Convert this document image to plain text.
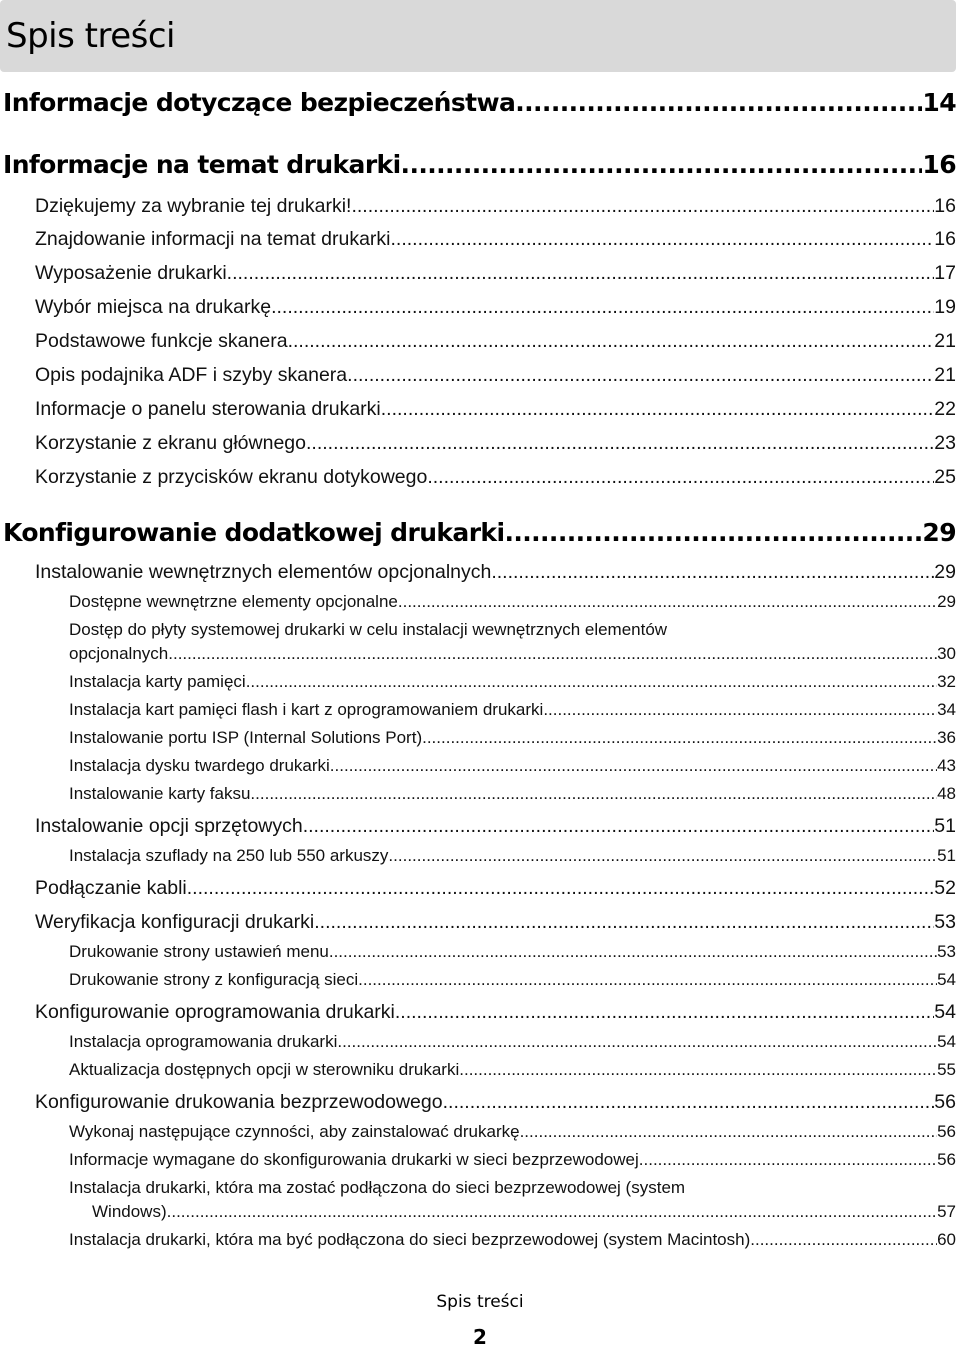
Spis treści
Informacje dotyczące bezpieczeństwa .....	14
Informacje na temat drukarki .....	16
Dziękujemy za wybranie tej drukarki!. .....	16
Znajdowanie informacji na temat drukarki .....	16
Wyposażenie drukarki .....	17
Wybór miejsca na drukarkę .....	19
Podstawowe funkcje skanera .....	21
Opis podajnika ADF i szyby skanera .....	21
Informacje o panelu sterowania drukarki .....	22
Korzystanie z ekranu głównego .....	23
Korzystanie z przycisków ekranu dotykowego .....	25
Konfigurowanie dodatkowej drukarki .....	29
Instalowanie wewnętrznych elementów opcjonalnych .....	29
Dostępne wewnętrzne elementy opcjonalne .....	29
Dostęp do płyty systemowej drukarki w celu instalacji wewnętrznych elementów
opcjonalnych .....	30
Instalacja karty pamięci .....	32
Instalacja kart pamięci flash i kart z oprogramowaniem drukarki .....	34
Instalowanie portu ISP (Internal Solutions Port) .....	36
Instalacja dysku twardego drukarki .....	43
Instalowanie karty faksu .....	48
Instalowanie opcji sprzętowych .....	51
Instalacja szuflady na 250 lub 550 arkuszy .....	51
Podłączanie kabli .....	52
Weryfikacja konfiguracji drukarki .....	53
Drukowanie strony ustawień menu .....	53
Drukowanie strony z konfiguracją sieci .....	54
Konfigurowanie oprogramowania drukarki .....	54
Instalacja oprogramowania drukarki .....	54
Aktualizacja dostępnych opcji w sterowniku drukarki .....	55
Konfigurowanie drukowania bezprzewodowego .....	56
Wykonaj następujące czynności, aby zainstalować drukarkę .....	56
Informacje wymagane do skonfigurowania drukarki w sieci bezprzewodowej .....	56
Instalacja drukarki, która ma zostać podłączona do sieci bezprzewodowej (system
Windows). .....	57
Instalacja drukarki, która ma być podłączona do sieci bezprzewodowej (system Macintosh) .....	60
Spis treści
2
